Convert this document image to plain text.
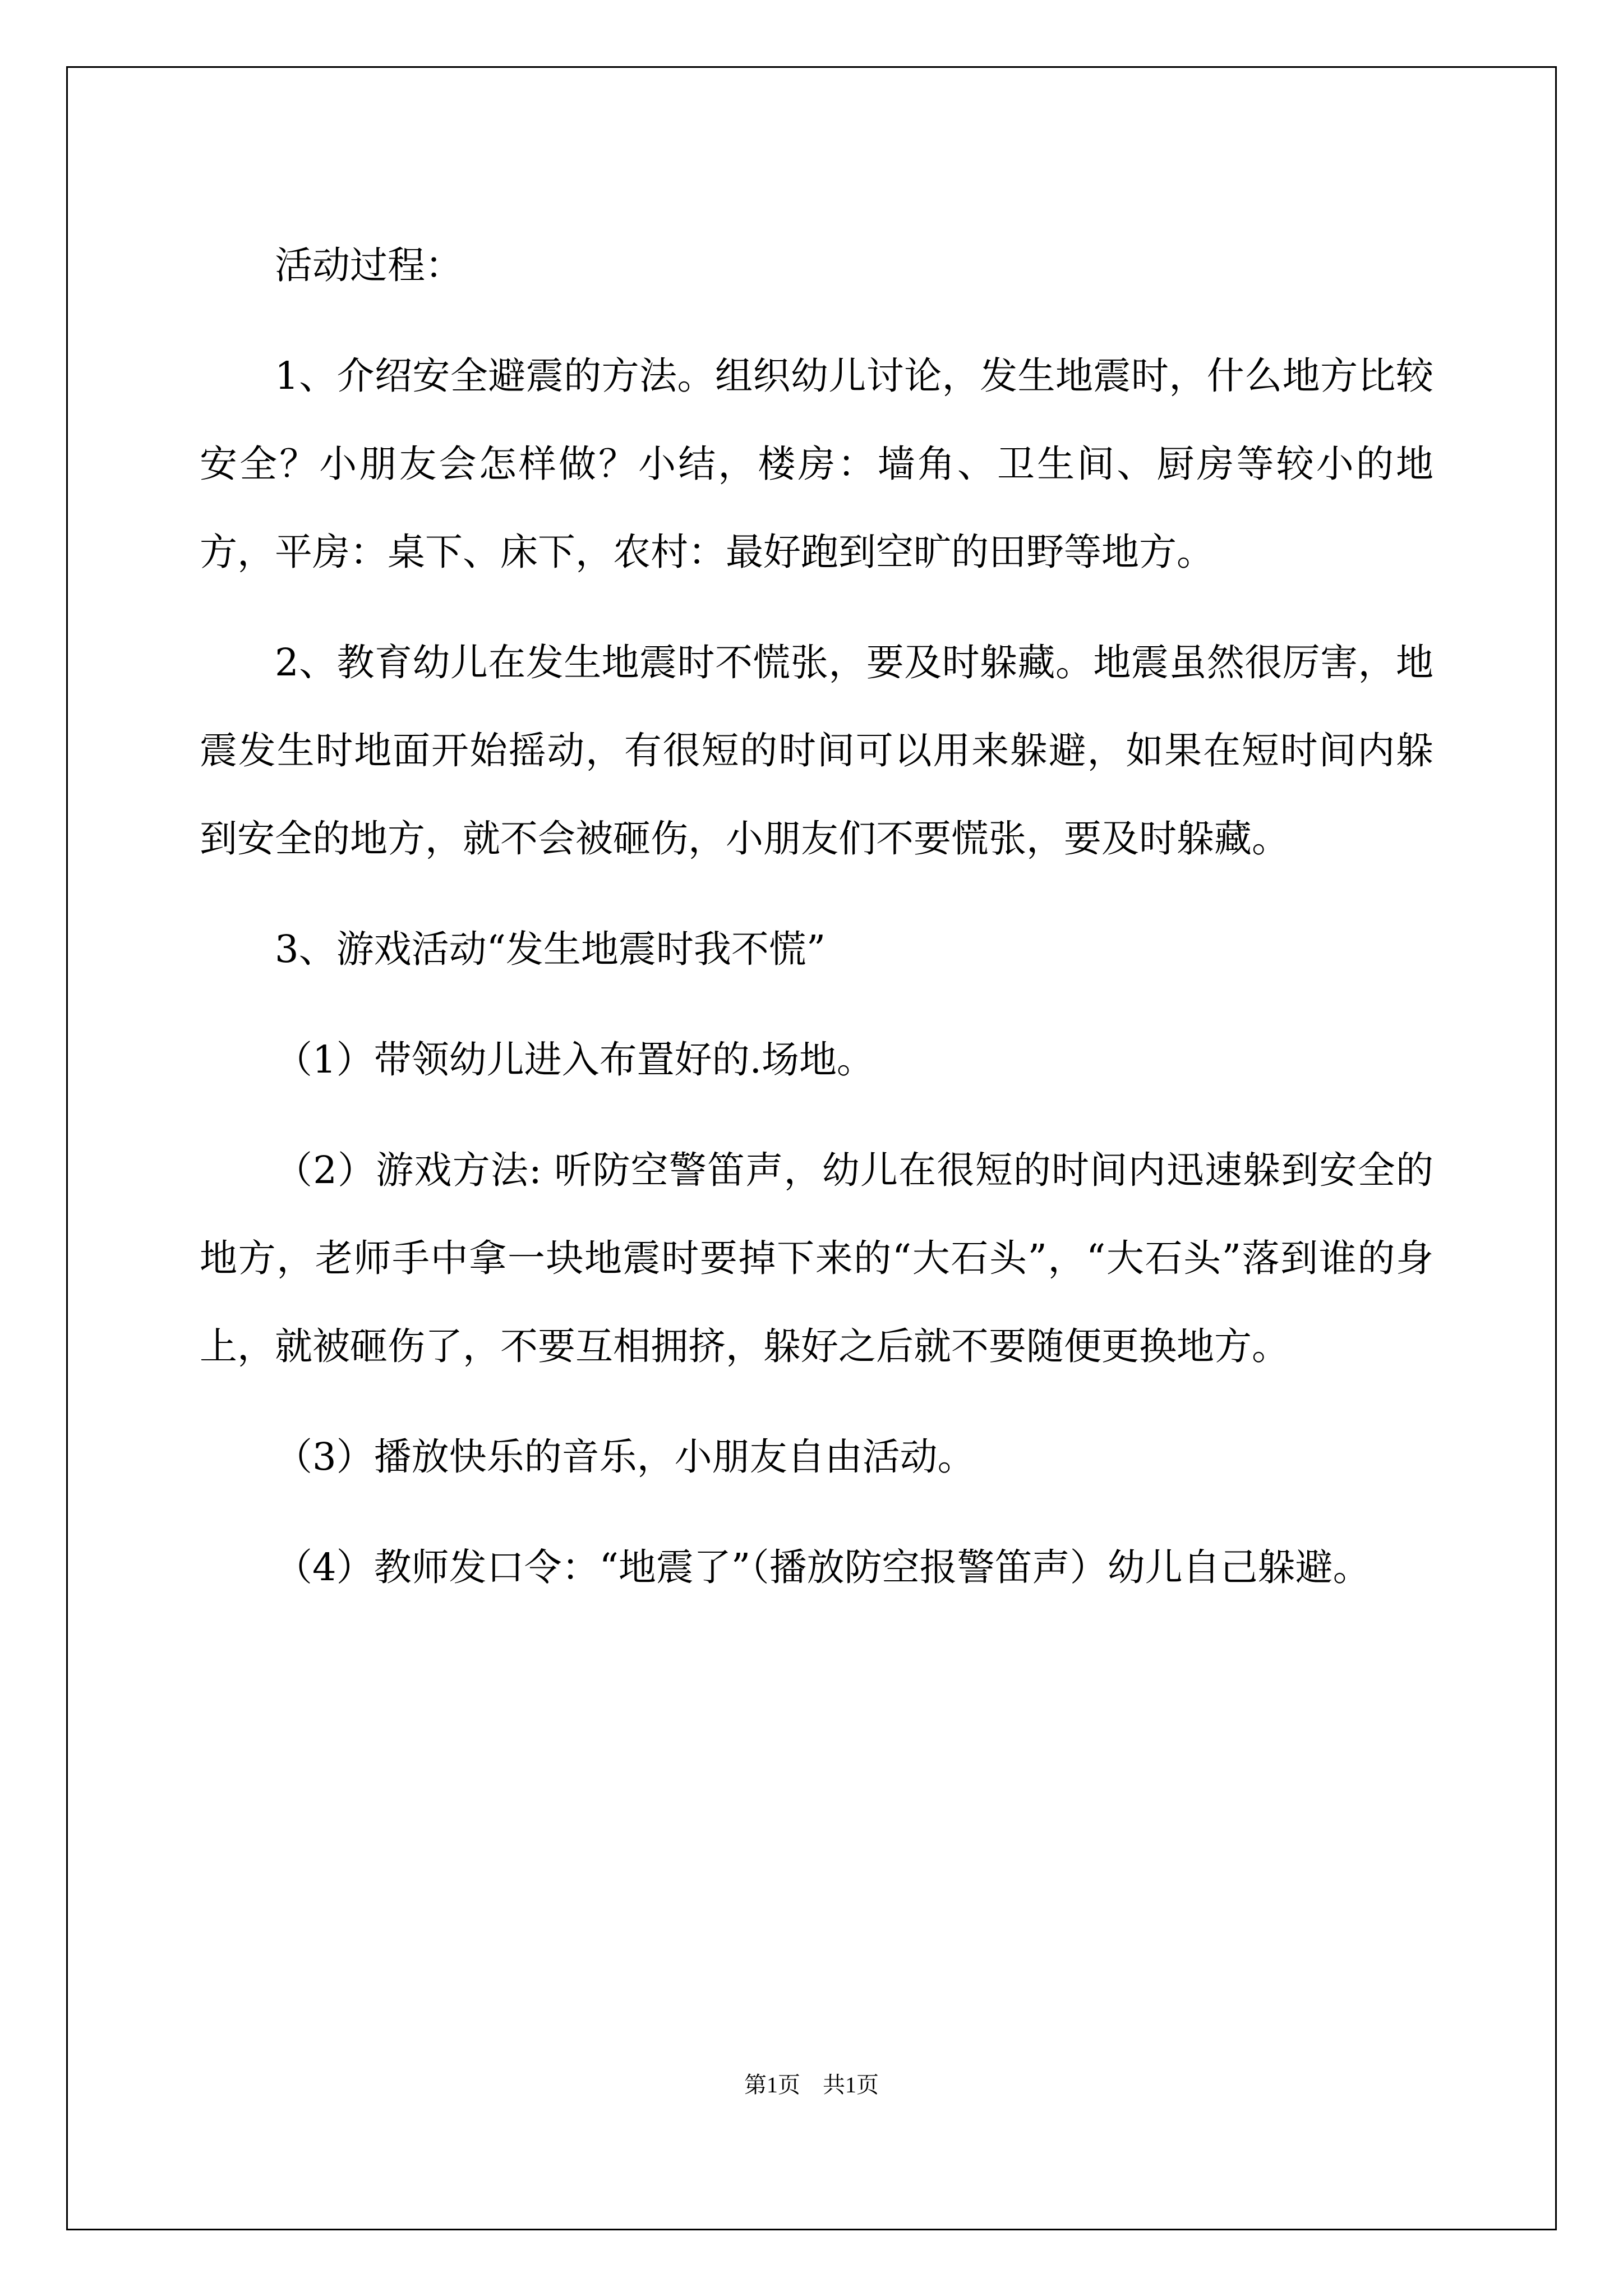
活动过程：

1、介绍安全避震的方法。组织幼儿讨论，发生地震时，什么地方比较安全？小朋友会怎样做？小结，楼房：墙角、卫生间、厨房等较小的地方，平房：桌下、床下，农村：最好跑到空旷的田野等地方。

2、教育幼儿在发生地震时不慌张，要及时躲藏。地震虽然很厉害，地震发生时地面开始摇动，有很短的时间可以用来躲避，如果在短时间内躲到安全的地方，就不会被砸伤，小朋友们不要慌张，要及时躲藏。

3、游戏活动“发生地震时我不慌”

（1）带领幼儿进入布置好的.场地。

（2）游戏方法: 听防空警笛声，幼儿在很短的时间内迅速躲到安全的地方，老师手中拿一块地震时要掉下来的“大石头”，“大石头”落到谁的身上，就被砸伤了，不要互相拥挤，躲好之后就不要随便更换地方。

（3）播放快乐的音乐，小朋友自由活动。

（4）教师发口令：“地震了”（播放防空报警笛声）幼儿自己躲避。

第1页 共1页
